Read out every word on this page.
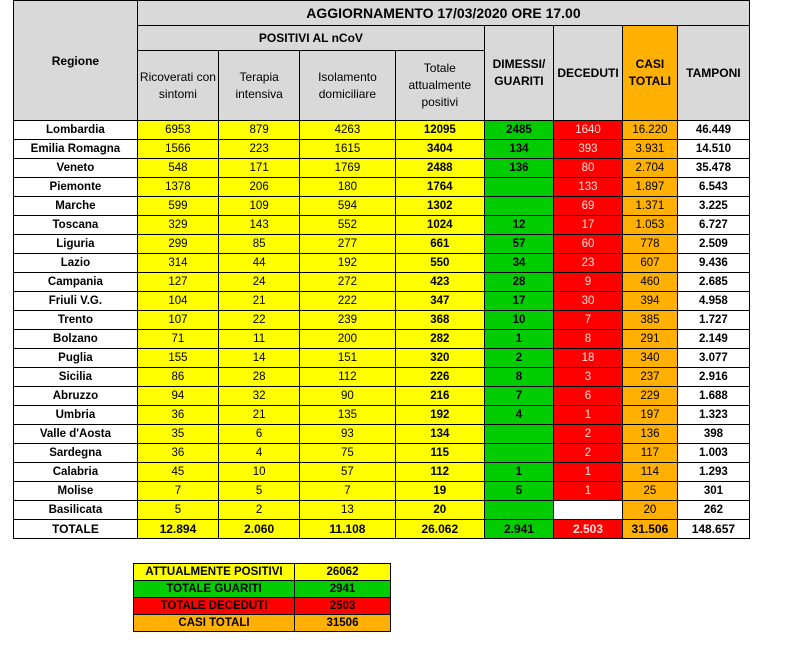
Regione	AGGIORNAMENTO 17/03/2020 ORE 17.00							
	POSITIVI AL nCoV				DIMESSI/ GUARITI	DECEDUTI	CASI TOTALI	TAMPONI
	Ricoverati con sintomi	Terapia intensiva	Isolamento domiciliare	Totale attualmente positivi				
Lombardia	6953	879	4263	12095	2485	1640	16.220	46.449
Emilia Romagna	1566	223	1615	3404	134	393	3.931	14.510
Veneto	548	171	1769	2488	136	80	2.704	35.478
Piemonte	1378	206	180	1764		133	1.897	6.543
Marche	599	109	594	1302		69	1.371	3.225
Toscana	329	143	552	1024	12	17	1.053	6.727
Liguria	299	85	277	661	57	60	778	2.509
Lazio	314	44	192	550	34	23	607	9.436
Campania	127	24	272	423	28	9	460	2.685
Friuli V.G.	104	21	222	347	17	30	394	4.958
Trento	107	22	239	368	10	7	385	1.727
Bolzano	71	11	200	282	1	8	291	2.149
Puglia	155	14	151	320	2	18	340	3.077
Sicilia	86	28	112	226	8	3	237	2.916
Abruzzo	94	32	90	216	7	6	229	1.688
Umbria	36	21	135	192	4	1	197	1.323
Valle d'Aosta	35	6	93	134		2	136	398
Sardegna	36	4	75	115		2	117	1.003
Calabria	45	10	57	112	1	1	114	1.293
Molise	7	5	7	19	5	1	25	301
Basilicata	5	2	13	20			20	262
TOTALE	12.894	2.060	11.108	26.062	2.941	2.503	31.506	148.657
ATTUALMENTE POSITIVI	26062
TOTALE GUARITI	2941
TOTALE DECEDUTI	2503
CASI TOTALI	31506
